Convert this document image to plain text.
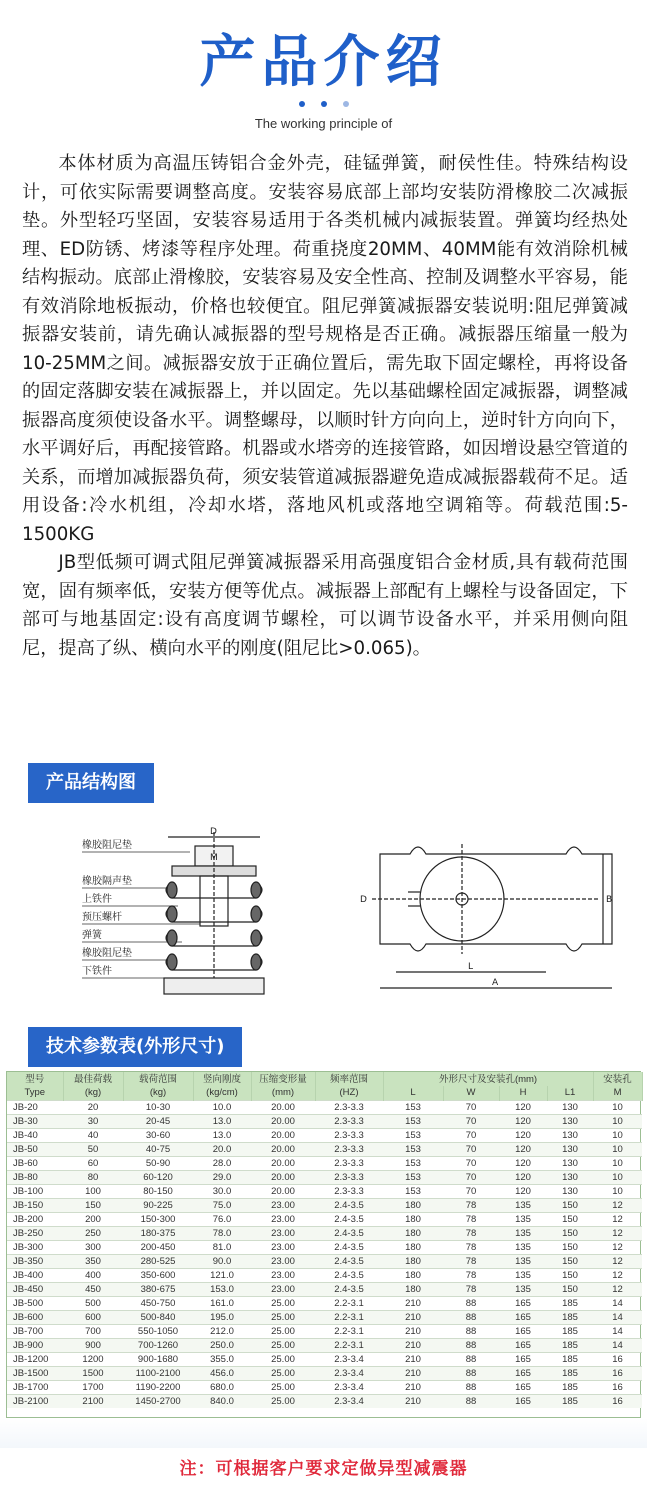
产品介绍
The working principle of

本体材质为高温压铸铝合金外壳，硅锰弹簧，耐侯性佳。特殊结构设计，可依实际需要调整高度。安装容易底部上部均安装防滑橡胶二次减振垫。外型轻巧坚固，安装容易适用于各类机械内减振装置。弹簧均经热处理、ED防锈、烤漆等程序处理。荷重挠度20MM、40MM能有效消除机械结构振动。底部止滑橡胶，安装容易及安全性高、控制及调整水平容易，能有效消除地板振动，价格也较便宜。阻尼弹簧减振器安装说明:阻尼弹簧减振器安装前，请先确认减振器的型号规格是否正确。减振器压缩量一般为10-25MM之间。减振器安放于正确位置后，需先取下固定螺栓，再将设备的固定落脚安装在减振器上，并以固定。先以基础螺栓固定减振器，调整减振器高度须使设备水平。调整螺母，以顺时针方向向上，逆时针方向向下，水平调好后，再配接管路。机器或水塔旁的连接管路，如因增设悬空管道的关系，而增加减振器负荷，须安装管道减振器避免造成减振器载荷不足。适用设备:冷水机组，冷却水塔，落地风机或落地空调箱等。荷载范围:5-1500KG

JB型低频可调式阻尼弹簧减振器采用高强度铝合金材质,具有载荷范围宽，固有频率低，安装方便等优点。减振器上部配有上螺栓与设备固定，下部可与地基固定:设有高度调节螺栓，可以调节设备水平，并采用侧向阻尼，提高了纵、横向水平的刚度(阻尼比>0.065)。

产品结构图
橡胶阻尼垫
橡胶隔声垫
上铁件
预压螺杆
弹簧
橡胶阻尼垫
下铁件
D
M
D	B
L
A
技术参数表(外形尺寸)
型号	最佳荷载	载荷范围	竖向刚度	压缩变形量	频率范围	外形尺寸及安装孔(mm)				安装孔
Type	(kg)	(kg)	(kg/cm)	(mm)	(HZ)	L	W	H	L1	M
JB-20	20	10-30	10.0	20.00	2.3-3.3	153	70	120	130	10
JB-30	30	20-45	13.0	20.00	2.3-3.3	153	70	120	130	10
JB-40	40	30-60	13.0	20.00	2.3-3.3	153	70	120	130	10
JB-50	50	40-75	20.0	20.00	2.3-3.3	153	70	120	130	10
JB-60	60	50-90	28.0	20.00	2.3-3.3	153	70	120	130	10
JB-80	80	60-120	29.0	20.00	2.3-3.3	153	70	120	130	10
JB-100	100	80-150	30.0	20.00	2.3-3.3	153	70	120	130	10
JB-150	150	90-225	75.0	23.00	2.4-3.5	180	78	135	150	12
JB-200	200	150-300	76.0	23.00	2.4-3.5	180	78	135	150	12
JB-250	250	180-375	78.0	23.00	2.4-3.5	180	78	135	150	12
JB-300	300	200-450	81.0	23.00	2.4-3.5	180	78	135	150	12
JB-350	350	280-525	90.0	23.00	2.4-3.5	180	78	135	150	12
JB-400	400	350-600	121.0	23.00	2.4-3.5	180	78	135	150	12
JB-450	450	380-675	153.0	23.00	2.4-3.5	180	78	135	150	12
JB-500	500	450-750	161.0	25.00	2.2-3.1	210	88	165	185	14
JB-600	600	500-840	195.0	25.00	2.2-3.1	210	88	165	185	14
JB-700	700	550-1050	212.0	25.00	2.2-3.1	210	88	165	185	14
JB-900	900	700-1260	250.0	25.00	2.2-3.1	210	88	165	185	14
JB-1200	1200	900-1680	355.0	25.00	2.3-3.4	210	88	165	185	16
JB-1500	1500	1100-2100	456.0	25.00	2.3-3.4	210	88	165	185	16
JB-1700	1700	1190-2200	680.0	25.00	2.3-3.4	210	88	165	185	16
JB-2100	2100	1450-2700	840.0	25.00	2.3-3.4	210	88	165	185	16
注：可根据客户要求定做异型减震器
